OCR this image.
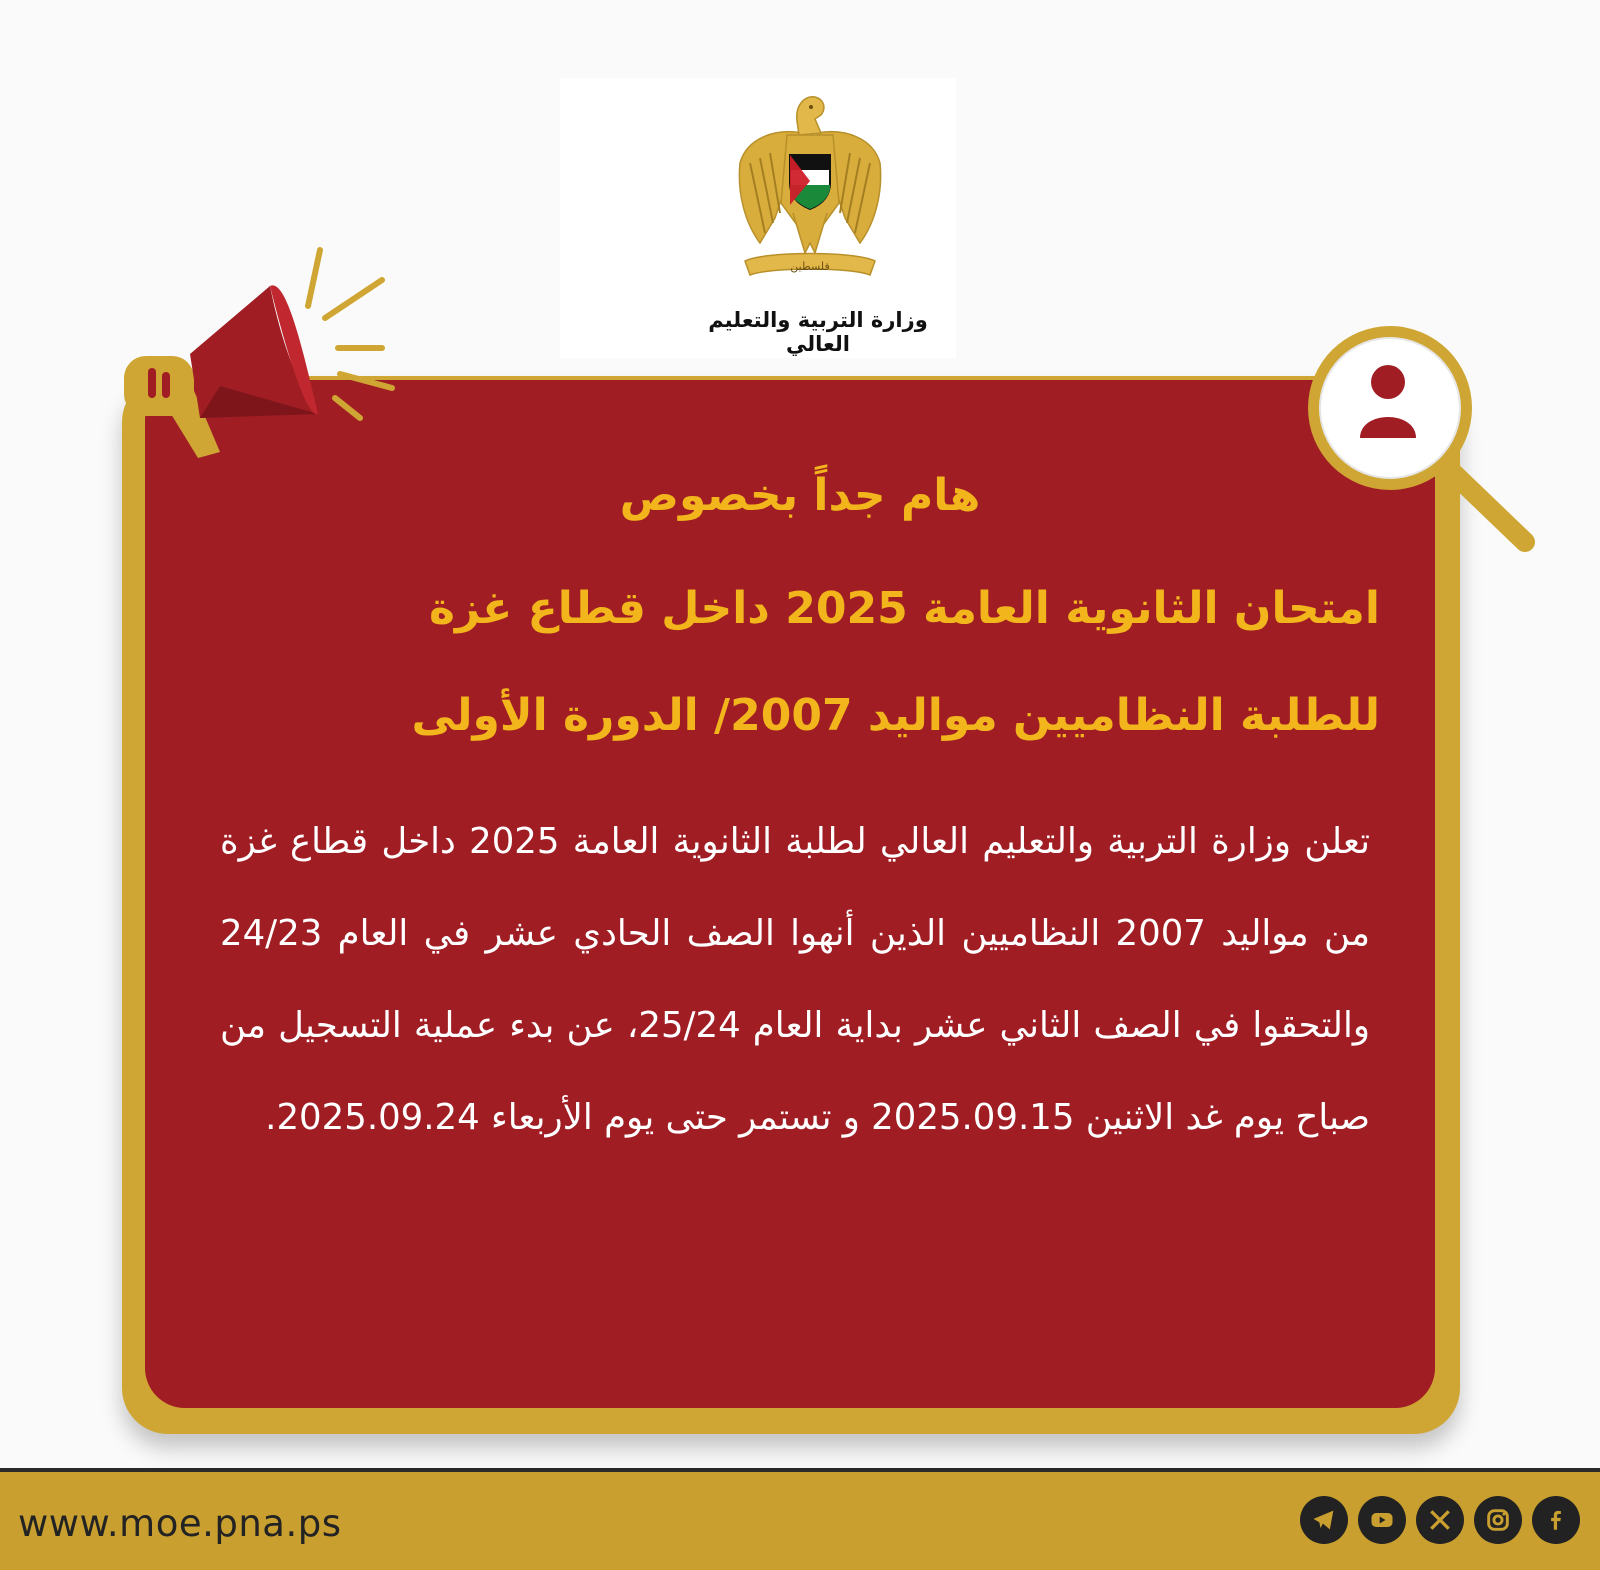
فلسطين
وزارة التربية والتعليم العالي
هام جداً بخصوص
امتحان الثانوية العامة 2025 داخل قطاع غزة
للطلبة النظاميين مواليد 2007/ الدورة الأولى

تعلن وزارة التربية والتعليم العالي لطلبة الثانوية العامة 2025 داخل قطاع غزة من مواليد 2007 النظاميين الذين أنهوا الصف الحادي عشر في العام 24/23 والتحقوا في الصف الثاني عشر بداية العام 25/24، عن بدء عملية التسجيل من صباح يوم غد الاثنين 2025.09.15 و تستمر حتى يوم الأربعاء 2025.09.24.

www.moe.pna.ps
